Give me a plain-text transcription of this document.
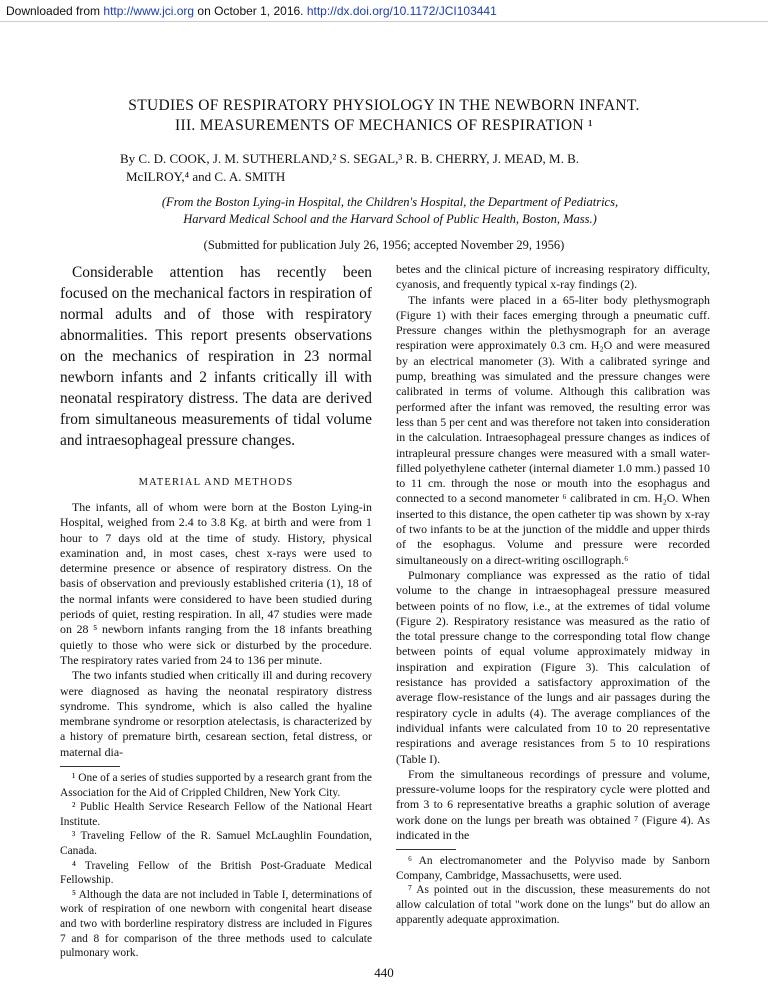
Downloaded from http://www.jci.org on October 1, 2016. http://dx.doi.org/10.1172/JCI103441
STUDIES OF RESPIRATORY PHYSIOLOGY IN THE NEWBORN INFANT.
III. MEASUREMENTS OF MECHANICS OF RESPIRATION ¹
By C. D. COOK, J. M. SUTHERLAND,² S. SEGAL,³ R. B. CHERRY, J. MEAD, M. B.
McILROY,⁴ and C. A. SMITH
(From the Boston Lying-in Hospital, the Children's Hospital, the Department of Pediatrics,
Harvard Medical School and the Harvard School of Public Health, Boston, Mass.)
(Submitted for publication July 26, 1956; accepted November 29, 1956)

Considerable attention has recently been focused on the mechanical factors in respiration of normal adults and of those with respiratory abnormalities. This report presents observations on the mechanics of respiration in 23 normal newborn infants and 2 infants critically ill with neonatal respiratory distress. The data are derived from simultaneous measurements of tidal volume and intraesophageal pressure changes.

MATERIAL AND METHODS

The infants, all of whom were born at the Boston Lying-in Hospital, weighed from 2.4 to 3.8 Kg. at birth and were from 1 hour to 7 days old at the time of study. History, physical examination and, in most cases, chest x-rays were used to determine presence or absence of respiratory distress. On the basis of observation and previously established criteria (1), 18 of the normal infants were considered to have been studied during periods of quiet, resting respiration. In all, 47 studies were made on 28 ⁵ newborn infants ranging from the 18 infants breathing quietly to those who were sick or disturbed by the procedure. The respiratory rates varied from 24 to 136 per minute.

The two infants studied when critically ill and during recovery were diagnosed as having the neonatal respiratory distress syndrome. This syndrome, which is also called the hyaline membrane syndrome or resorption atelectasis, is characterized by a history of premature birth, cesarean section, fetal distress, or maternal dia-

¹ One of a series of studies supported by a research grant from the Association for the Aid of Crippled Children, New York City.

² Public Health Service Research Fellow of the National Heart Institute.

³ Traveling Fellow of the R. Samuel McLaughlin Foundation, Canada.

⁴ Traveling Fellow of the British Post-Graduate Medical Fellowship.

⁵ Although the data are not included in Table I, determinations of work of respiration of one newborn with congenital heart disease and two with borderline respiratory distress are included in Figures 7 and 8 for comparison of the three methods used to calculate pulmonary work.

betes and the clinical picture of increasing respiratory difficulty, cyanosis, and frequently typical x-ray findings (2).

The infants were placed in a 65-liter body plethysmograph (Figure 1) with their faces emerging through a pneumatic cuff. Pressure changes within the plethysmograph for an average respiration were approximately 0.3 cm. H₂O and were measured by an electrical manometer (3). With a calibrated syringe and pump, breathing was simulated and the pressure changes were calibrated in terms of volume. Although this calibration was performed after the infant was removed, the resulting error was less than 5 per cent and was therefore not taken into consideration in the calculation. Intraesophageal pressure changes as indices of intrapleural pressure changes were measured with a small water-filled polyethylene catheter (internal diameter 1.0 mm.) passed 10 to 11 cm. through the nose or mouth into the esophagus and connected to a second manometer ⁶ calibrated in cm. H₂O. When inserted to this distance, the open catheter tip was shown by x-ray of two infants to be at the junction of the middle and upper thirds of the esophagus. Volume and pressure were recorded simultaneously on a direct-writing oscillograph.⁶

Pulmonary compliance was expressed as the ratio of tidal volume to the change in intraesophageal pressure measured between points of no flow, i.e., at the extremes of tidal volume (Figure 2). Respiratory resistance was measured as the ratio of the total pressure change to the corresponding total flow change between points of equal volume approximately midway in inspiration and expiration (Figure 3). This calculation of resistance has provided a satisfactory approximation of the average flow-resistance of the lungs and air passages during the respiratory cycle in adults (4). The average compliances of the individual infants were calculated from 10 to 20 representative respirations and average resistances from 5 to 10 respirations (Table I).

From the simultaneous recordings of pressure and volume, pressure-volume loops for the respiratory cycle were plotted and from 3 to 6 representative breaths a graphic solution of average work done on the lungs per breath was obtained ⁷ (Figure 4). As indicated in the

⁶ An electromanometer and the Polyviso made by Sanborn Company, Cambridge, Massachusetts, were used.

⁷ As pointed out in the discussion, these measurements do not allow calculation of total "work done on the lungs" but do allow an apparently adequate approximation.

440
